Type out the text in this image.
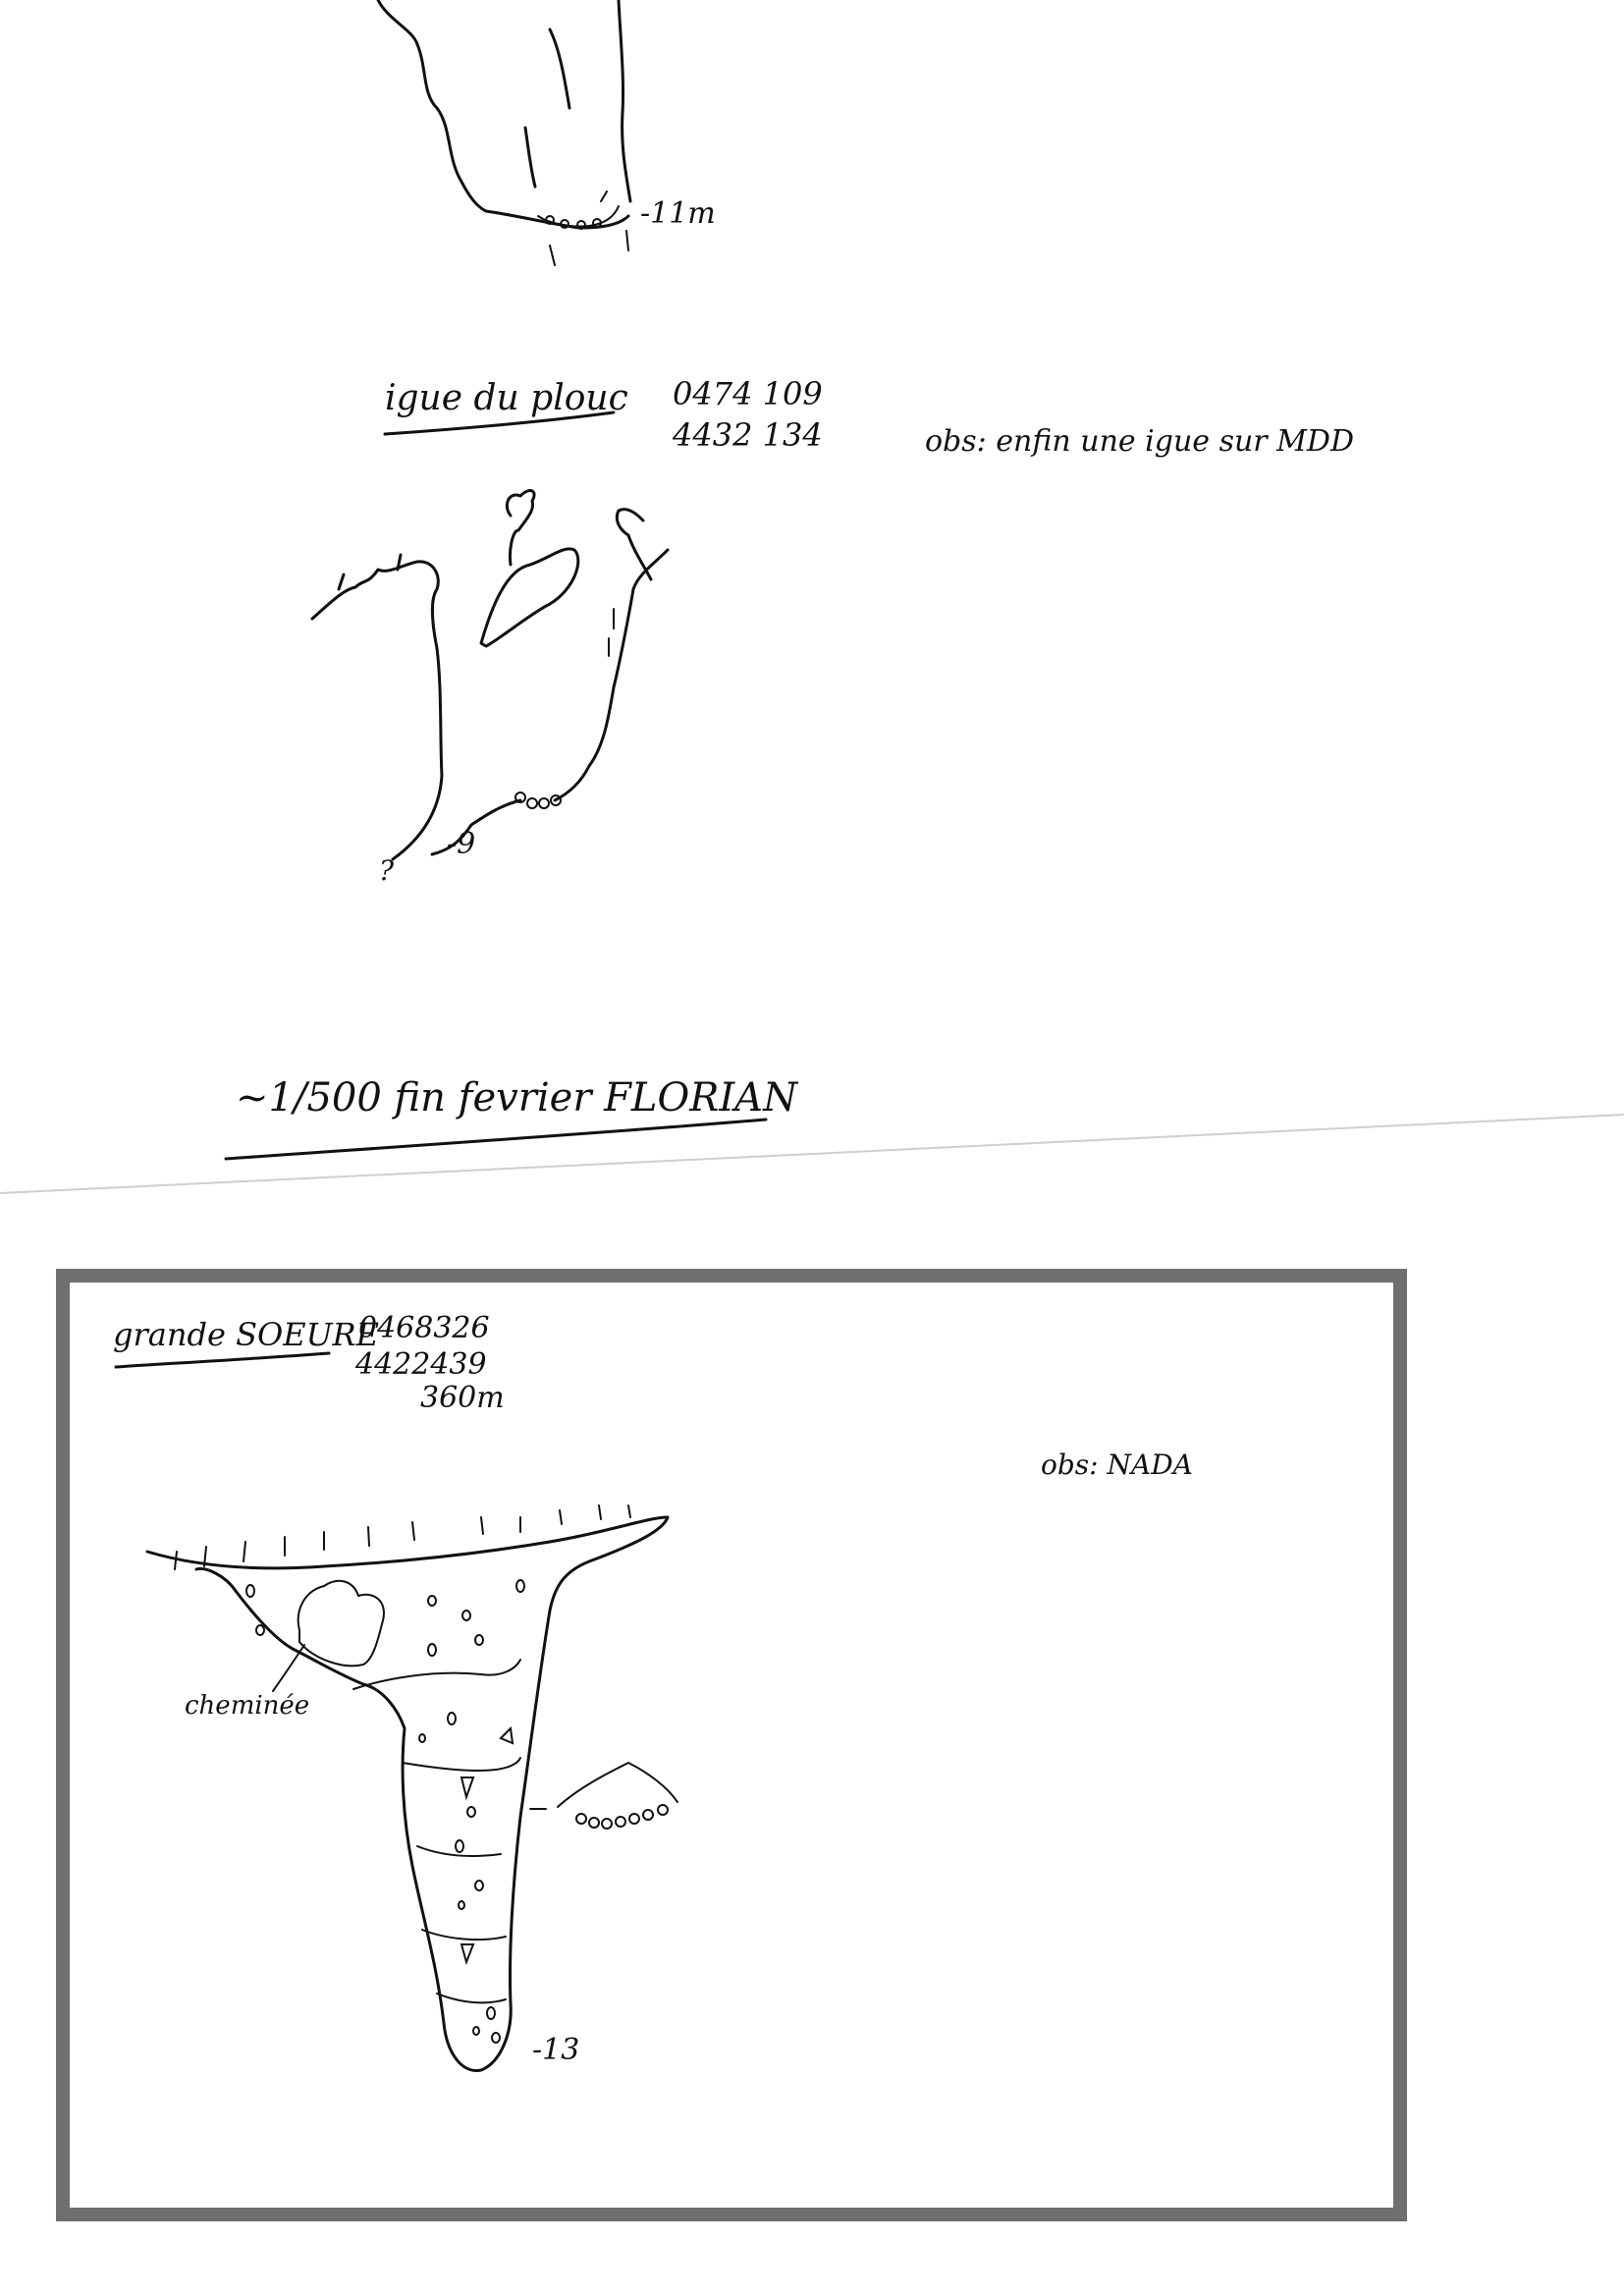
-11m
igue du plouc 0474 109
4432 134	obs: enfin une igue sur MDD
?
-9
~1/500 fin fevrier FLORIAN
grande SOEURE
0468326
4422439
360m
obs: NADA
cheminée
-13
